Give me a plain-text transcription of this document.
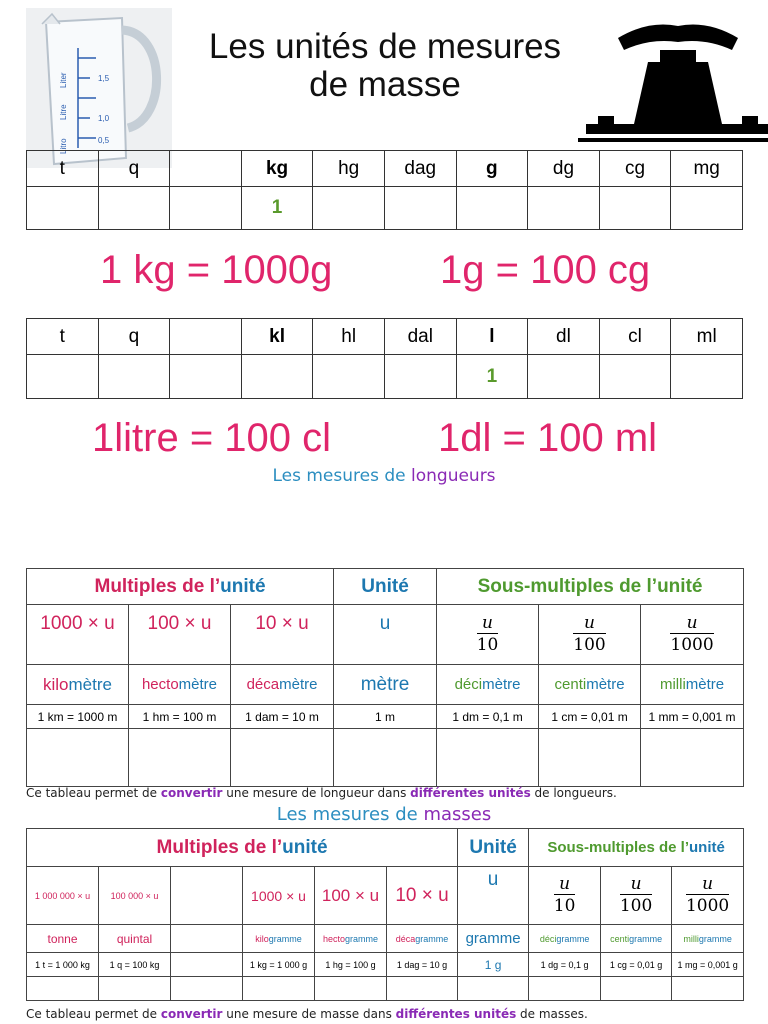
Liter
Litre
Litro
1,5
1,0
0,5
Les unités de mesures
de masse
t	q		kg	hg	dag	g	dg	cg	mg
			1						
1 kg = 1000g	1g = 100 cg
t	q		kl	hl	dal	l	dl	cl	ml
						1			
1litre = 100 cl	1dl = 100 ml
Les mesures de longueurs
Multiples de l’unité			Unité	Sous-multiples de l’unité		
1000 × u	100 × u	10 × u	u	$\frac{u}{10}$	$\frac{u}{100}$	$\frac{u}{1000}$

kilomètre	hectomètre	décamètre	mètre	décimètre	centimètre	millimètre
1 km = 1000 m	1 hm = 100 m	1 dam = 10 m	1 m	1 dm = 0,1 m	1 cm = 0,01 m	1 mm = 0,001 m

Ce tableau permet de convertir une mesure de longueur dans différentes unités de longueurs.
Les mesures de masses
Multiples de l’unité						Unité	Sous-multiples de l’unité		
1 000 000 × u	100 000 × u		1000 × u	100 × u	10 × u	u	$\frac{u}{10}$	$\frac{u}{100}$	$\frac{u}{1000}$

tonne	quintal		kilogramme	hectogramme	décagramme	gramme	décigramme	centigramme	milligramme
1 t = 1 000 kg	1 q = 100 kg		1 kg = 1 000 g	1 hg = 100 g	1 dag = 10 g	1 g	1 dg = 0,1 g	1 cg = 0,01 g	1 mg = 0,001 g

Ce tableau permet de convertir une mesure de masse dans différentes unités de masses.
